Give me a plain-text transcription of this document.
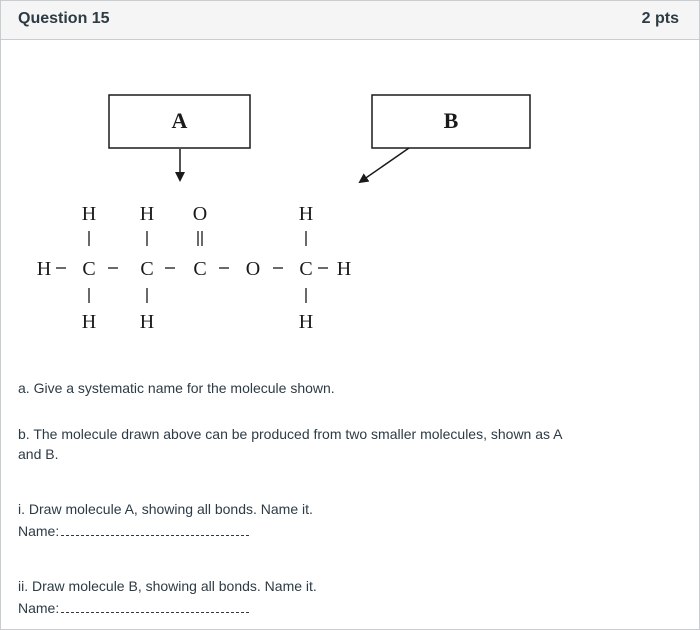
Question 15	2 pts
A	B
H H O	H
H C C C O C H
H H	H
a. Give a systematic name for the molecule shown.
b. The molecule drawn above can be produced from two smaller molecules, shown as A
and B.
i. Draw molecule A, showing all bonds. Name it.
Name:
ii. Draw molecule B, showing all bonds. Name it.
Name:
